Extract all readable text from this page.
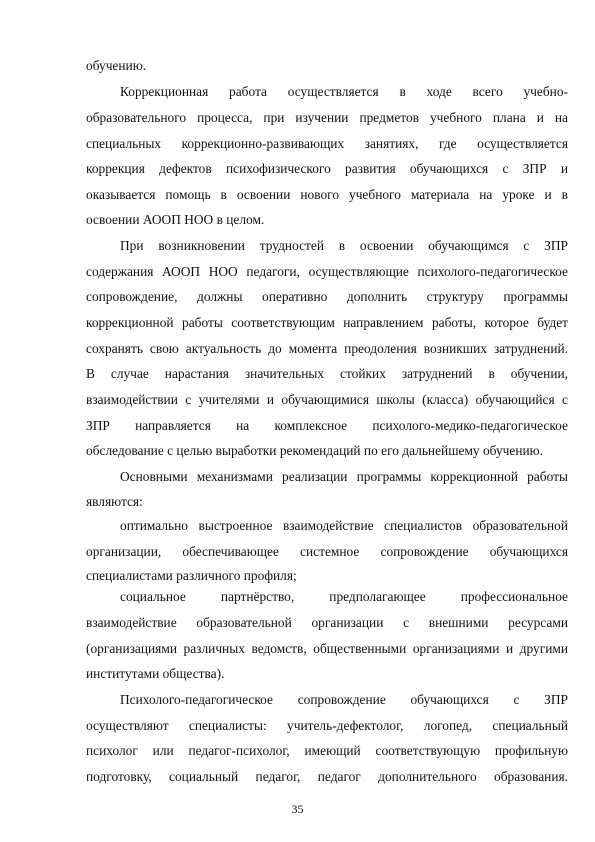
обучению.
Коррекционная работа осуществляется в ходе всего учебно-
образовательного процесса, при изучении предметов учебного плана и на
специальных коррекционно-развивающих занятиях, где осуществляется
коррекция дефектов психофизического развития обучающихся с ЗПР и
оказывается помощь в освоении нового учебного материала на уроке и в
освоении АООП НОО в целом.
При возникновении трудностей в освоении обучающимся с ЗПР
содержания АООП НОО педагоги, осуществляющие психолого-педагогическое
сопровождение, должны оперативно дополнить структуру программы
коррекционной работы соответствующим направлением работы, которое будет
сохранять свою актуальность до момента преодоления возникших затруднений.
В случае нарастания значительных стойких затруднений в обучении,
взаимодействии с учителями и обучающимися школы (класса) обучающийся с
ЗПР направляется на комплексное психолого-медико-педагогическое
обследование с целью выработки рекомендаций по его дальнейшему обучению.
Основными механизмами реализации программы коррекционной работы
являются:
оптимально выстроенное взаимодействие специалистов образовательной
организации, обеспечивающее системное сопровождение обучающихся
специалистами различного профиля;
социальное партнёрство, предполагающее профессиональное
взаимодействие образовательной организации с внешними ресурсами
(организациями различных ведомств, общественными организациями и другими
институтами общества).
Психолого-педагогическое сопровождение обучающихся с ЗПР
осуществляют специалисты: учитель-дефектолог, логопед, специальный
психолог или педагог-психолог, имеющий соответствующую профильную
подготовку, социальный педагог, педагог дополнительного образования.
35
